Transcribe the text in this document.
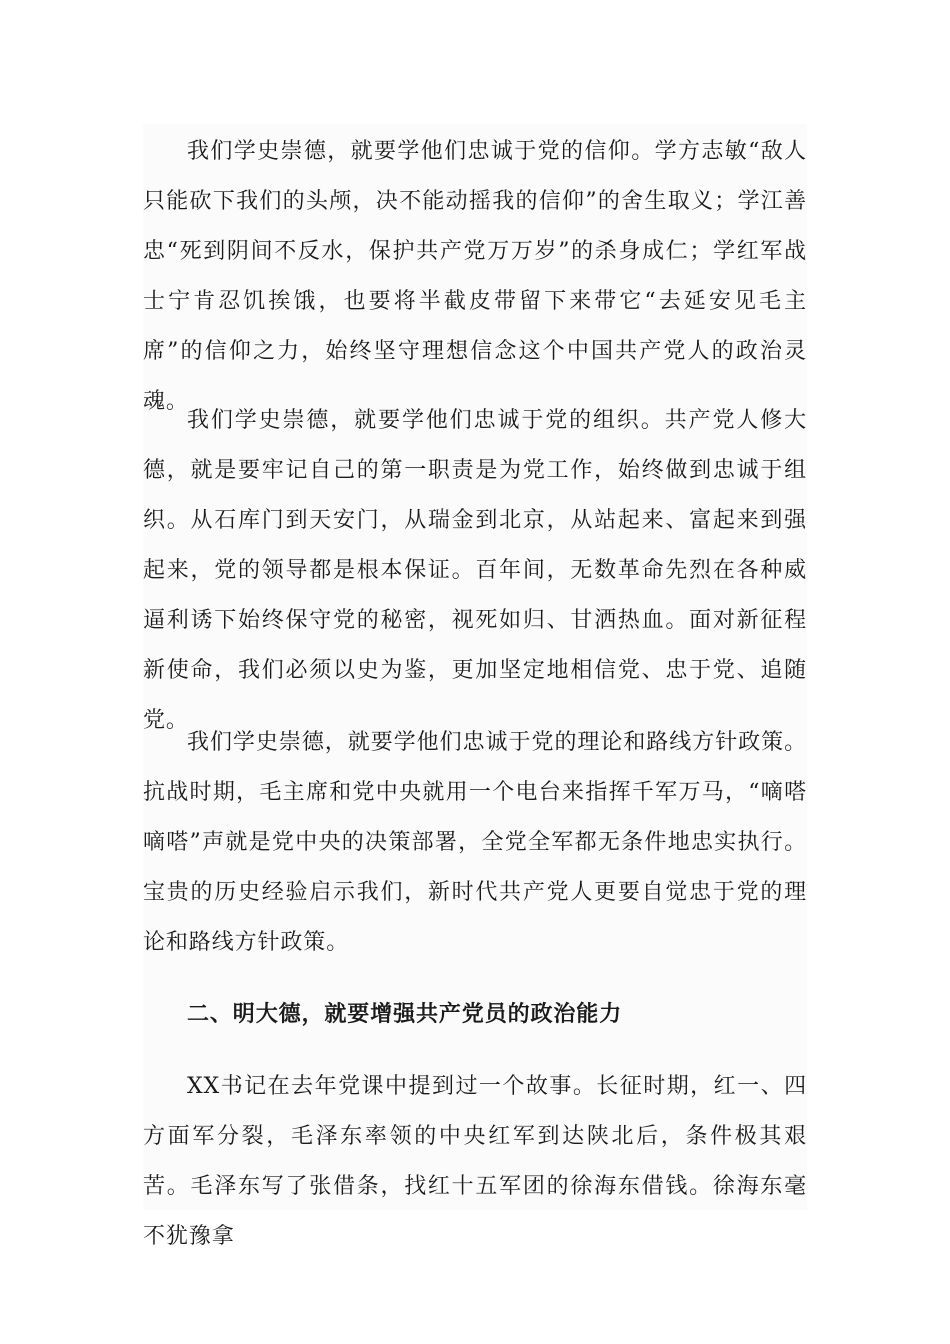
我们学史崇德，就要学他们忠诚于党的信仰。学方志敏“敌人只能砍下我们的头颅，决不能动摇我的信仰”的舍生取义；学江善忠“死到阴间不反水，保护共产党万万岁”的杀身成仁；学红军战士宁肯忍饥挨饿，也要将半截皮带留下来带它“去延安见毛主席”的信仰之力，始终坚守理想信念这个中国共产党人的政治灵魂。

我们学史崇德，就要学他们忠诚于党的组织。共产党人修大德，就是要牢记自己的第一职责是为党工作，始终做到忠诚于组织。从石库门到天安门，从瑞金到北京，从站起来、富起来到强起来，党的领导都是根本保证。百年间，无数革命先烈在各种威逼利诱下始终保守党的秘密，视死如归、甘洒热血。面对新征程新使命，我们必须以史为鉴，更加坚定地相信党、忠于党、追随党。

我们学史崇德，就要学他们忠诚于党的理论和路线方针政策。抗战时期，毛主席和党中央就用一个电台来指挥千军万马，“嘀嗒嘀嗒”声就是党中央的决策部署，全党全军都无条件地忠实执行。宝贵的历史经验启示我们，新时代共产党人更要自觉忠于党的理论和路线方针政策。

二、明大德，就要增强共产党员的政治能力

XX书记在去年党课中提到过一个故事。长征时期，红一、四方面军分裂，毛泽东率领的中央红军到达陕北后，条件极其艰苦。毛泽东写了张借条，找红十五军团的徐海东借钱。徐海东毫不犹豫拿
